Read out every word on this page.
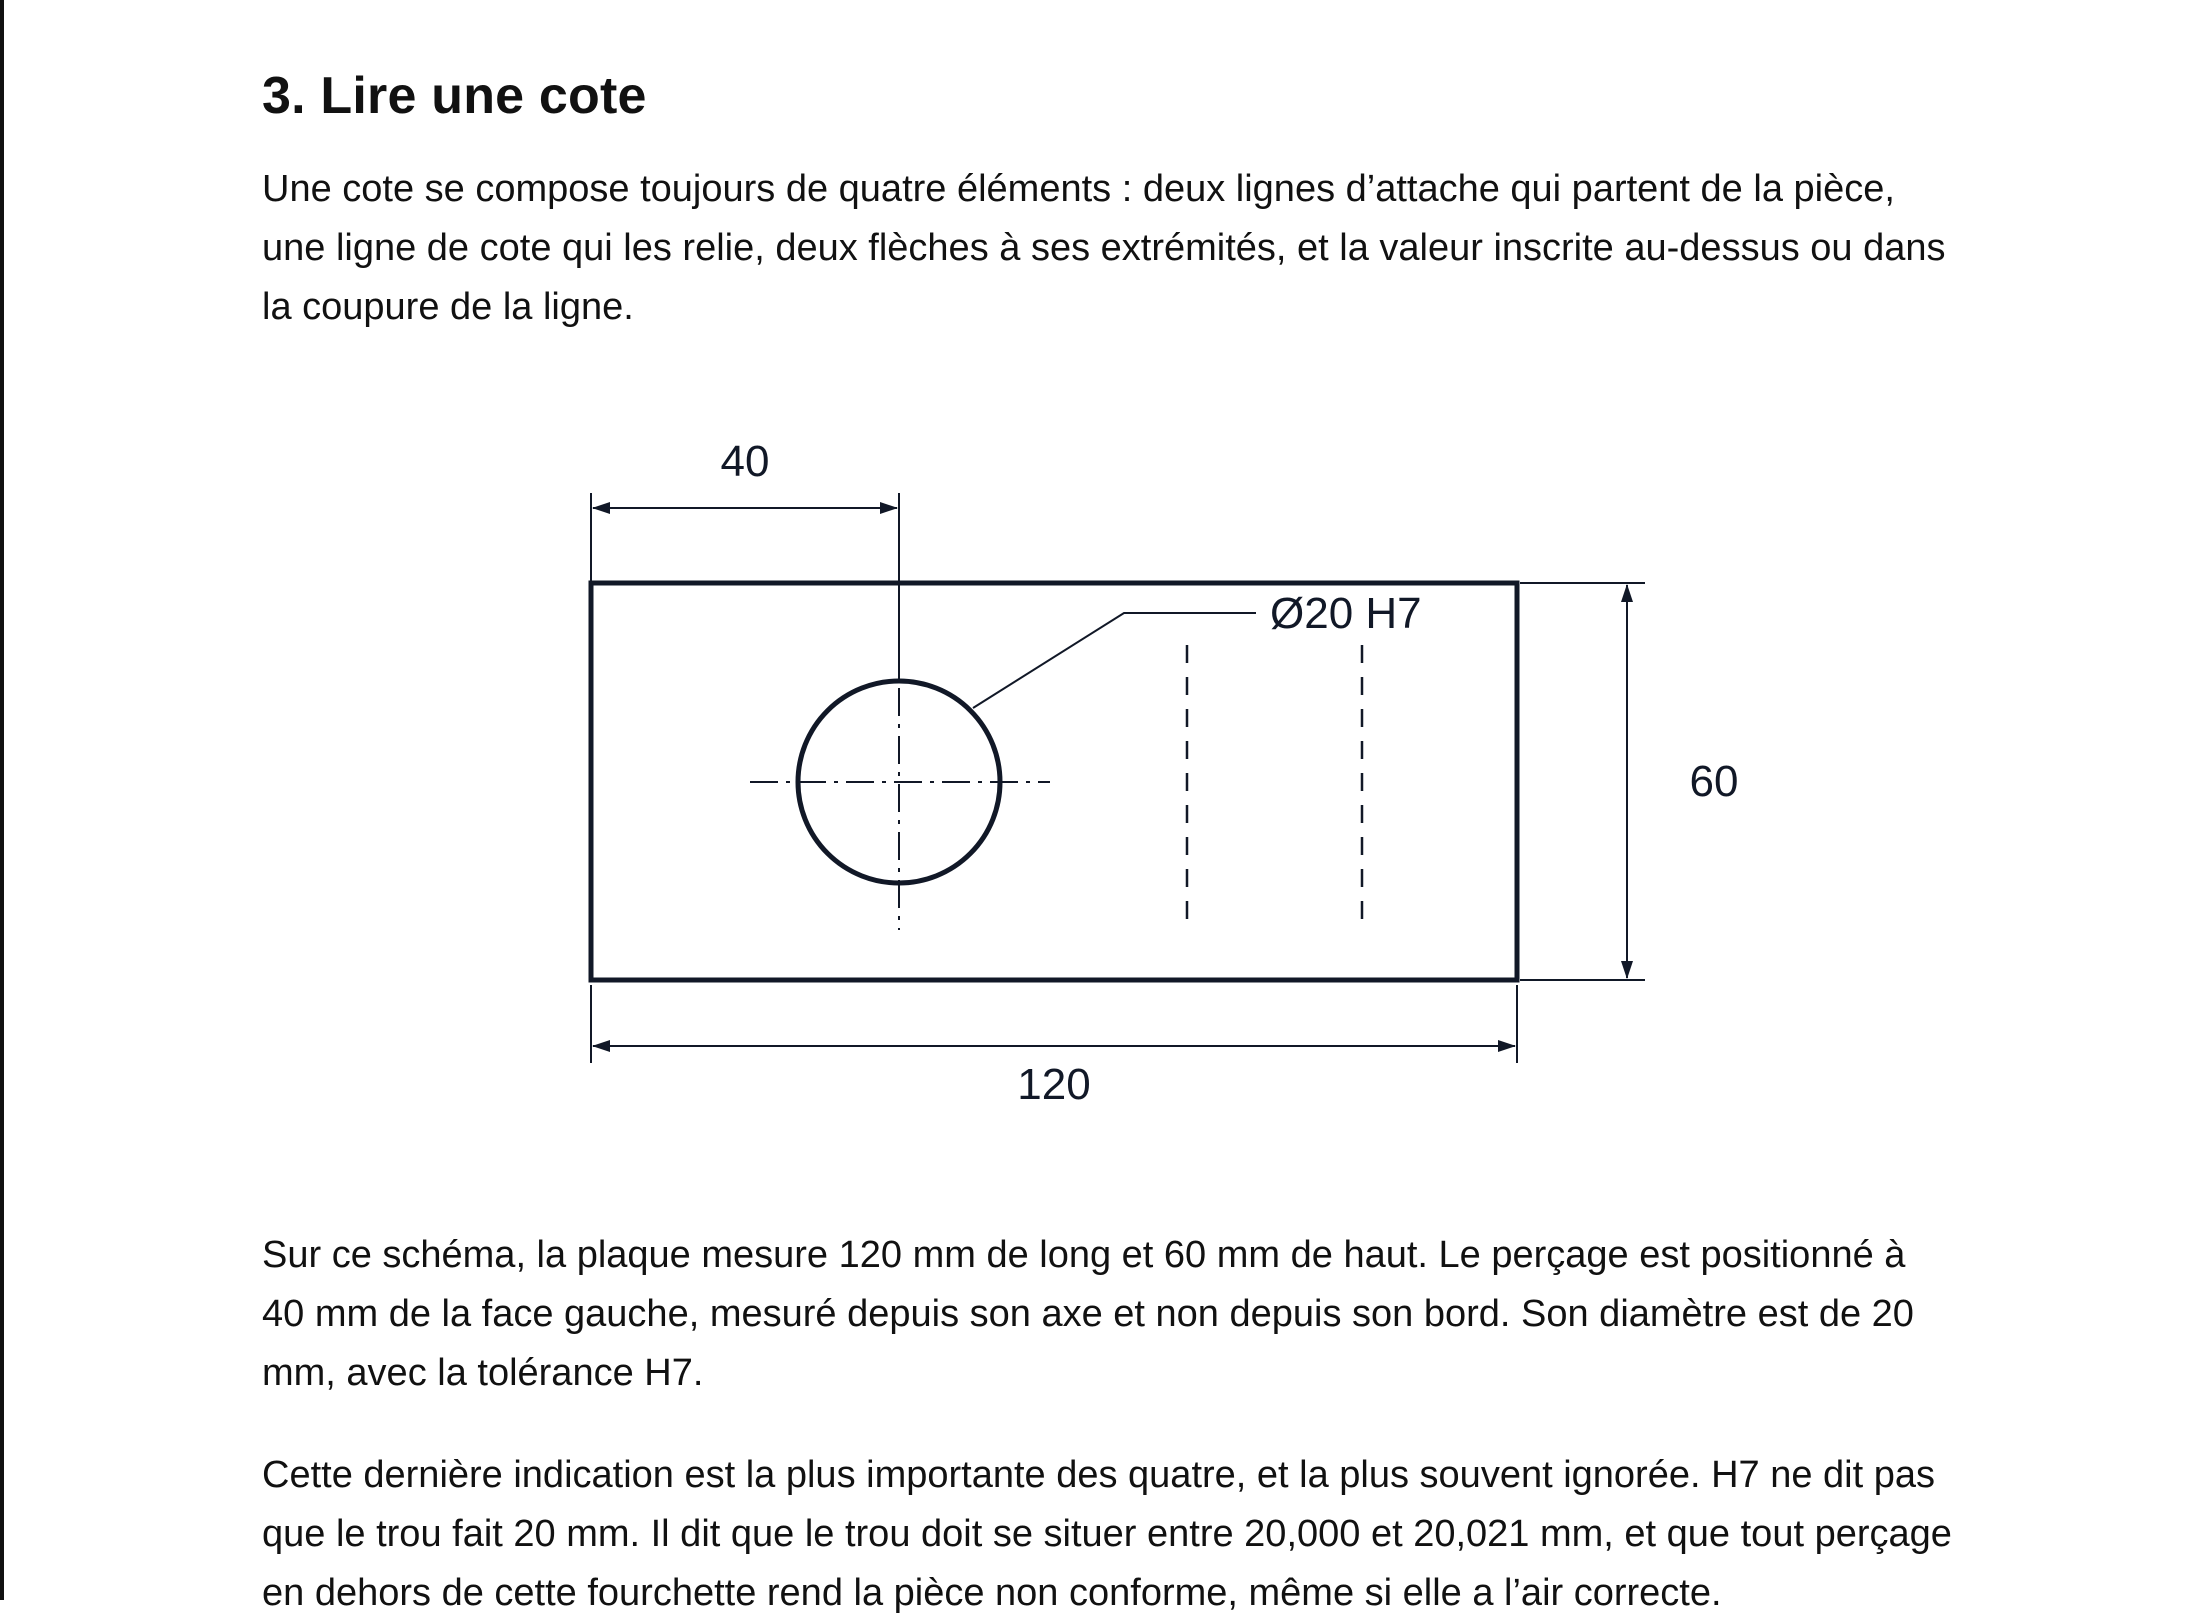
3. Lire une cote

Une cote se compose toujours de quatre éléments : deux lignes d’attache qui partent de la pièce, une ligne de cote qui les relie, deux flèches à ses extrémités, et la valeur inscrite au-dessus ou dans la coupure de la ligne.

Sur ce schéma, la plaque mesure 120 mm de long et 60 mm de haut. Le perçage est positionné à 40 mm de la face gauche, mesuré depuis son axe et non depuis son bord. Son diamètre est de 20 mm, avec la tolérance H7.

Cette dernière indication est la plus importante des quatre, et la plus souvent ignorée. H7 ne dit pas que le trou fait 20 mm. Il dit que le trou doit se situer entre 20,000 et 20,021 mm, et que tout perçage en dehors de cette fourchette rend la pièce non conforme, même si elle a l’air correcte.

40
120
60
Ø20 H7
